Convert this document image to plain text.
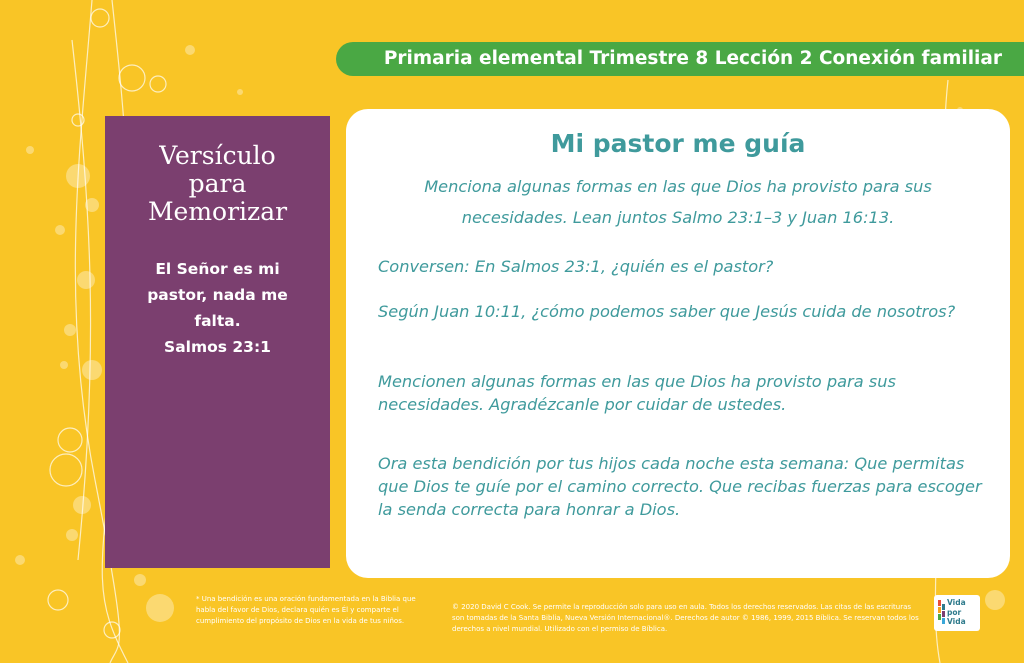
Primaria elemental Trimestre 8 Lección 2 Conexión familiar
Versículo
para
Memorizar
El Señor es mi
pastor, nada me
falta.
Salmos 23:1
Mi pastor me guía
Menciona algunas formas en las que Dios ha provisto para sus necesidades. Lean juntos Salmo 23:1–3 y Juan 16:13.
Conversen: En Salmos 23:1, ¿quién es el pastor?
Según Juan 10:11, ¿cómo podemos saber que Jesús cuida de nosotros?
Mencionen algunas formas en las que Dios ha provisto para sus necesidades. Agradézcanle por cuidar de ustedes.
Ora esta bendición por tus hijos cada noche esta semana: Que permitas que Dios te guíe por el camino correcto. Que recibas fuerzas para escoger la senda correcta para honrar a Dios.
* Una bendición es una oración fundamentada en la Biblia que habla del favor de Dios, declara quién es Él y comparte el cumplimiento del propósito de Dios en la vida de tus niños.
© 2020 David C Cook. Se permite la reproducción solo para uso en aula. Todos los derechos reservados. Las citas de las escrituras son tomadas de la Santa Biblia, Nueva Versión Internacional®. Derechos de autor © 1986, 1999, 2015 Bíblica. Se reservan todos los derechos a nivel mundial. Utilizado con el permiso de Bíblica.
Vida
por
Vida
